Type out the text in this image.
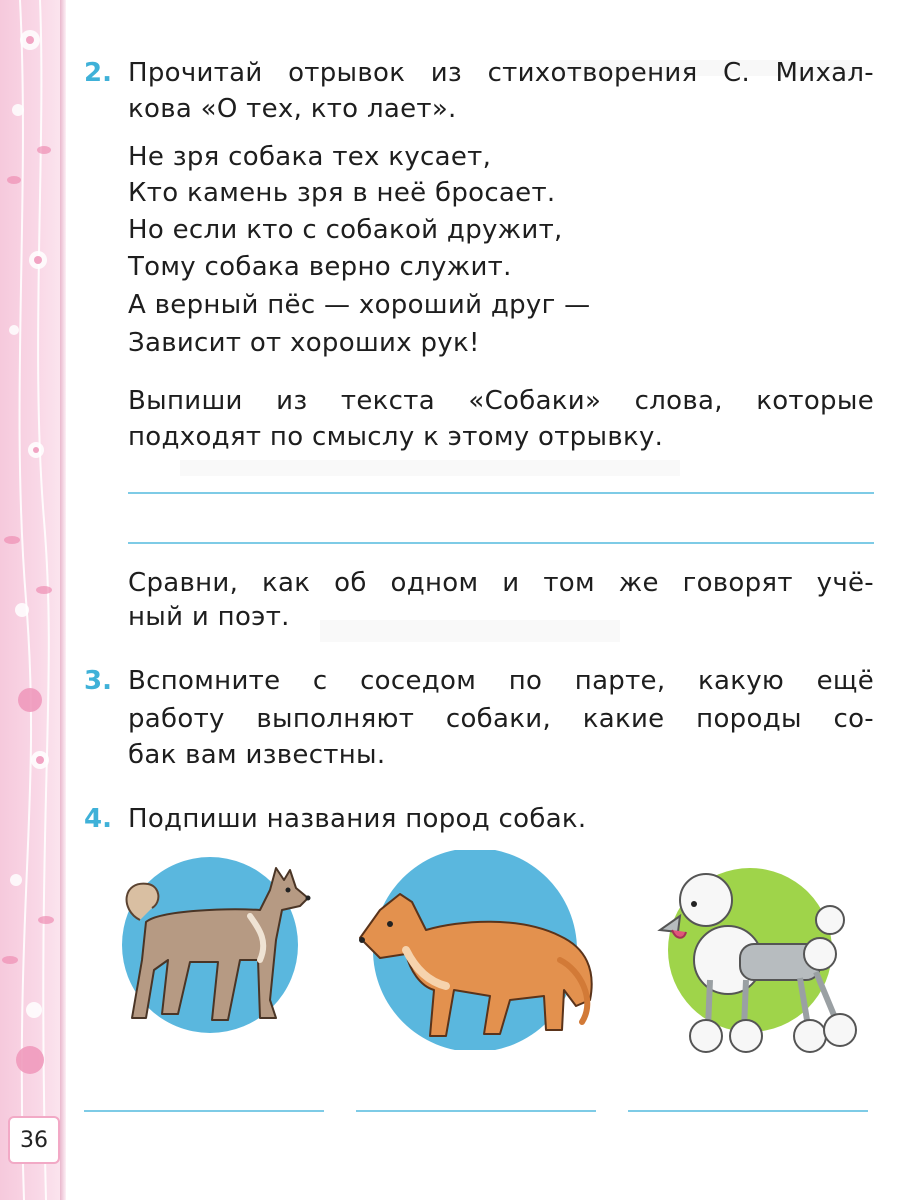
36
2. Прочитай отрывок из стихотворения С. Михал-
кова «О тех, кто лает».
Не зря собака тех кусает,
Кто камень зря в неё бросает.
Но если кто с собакой дружит,
Тому собака верно служит.
А верный пёс — хороший друг —
Зависит от хороших рук!
Выпиши из текста «Собаки» слова, которые
подходят по смыслу к этому отрывку.
Сравни, как об одном и том же говорят учё-
ный и поэт.
3. Вспомните с соседом по парте, какую ещё
работу выполняют собаки, какие породы со-
бак вам известны.
4. Подпиши названия пород собак.
